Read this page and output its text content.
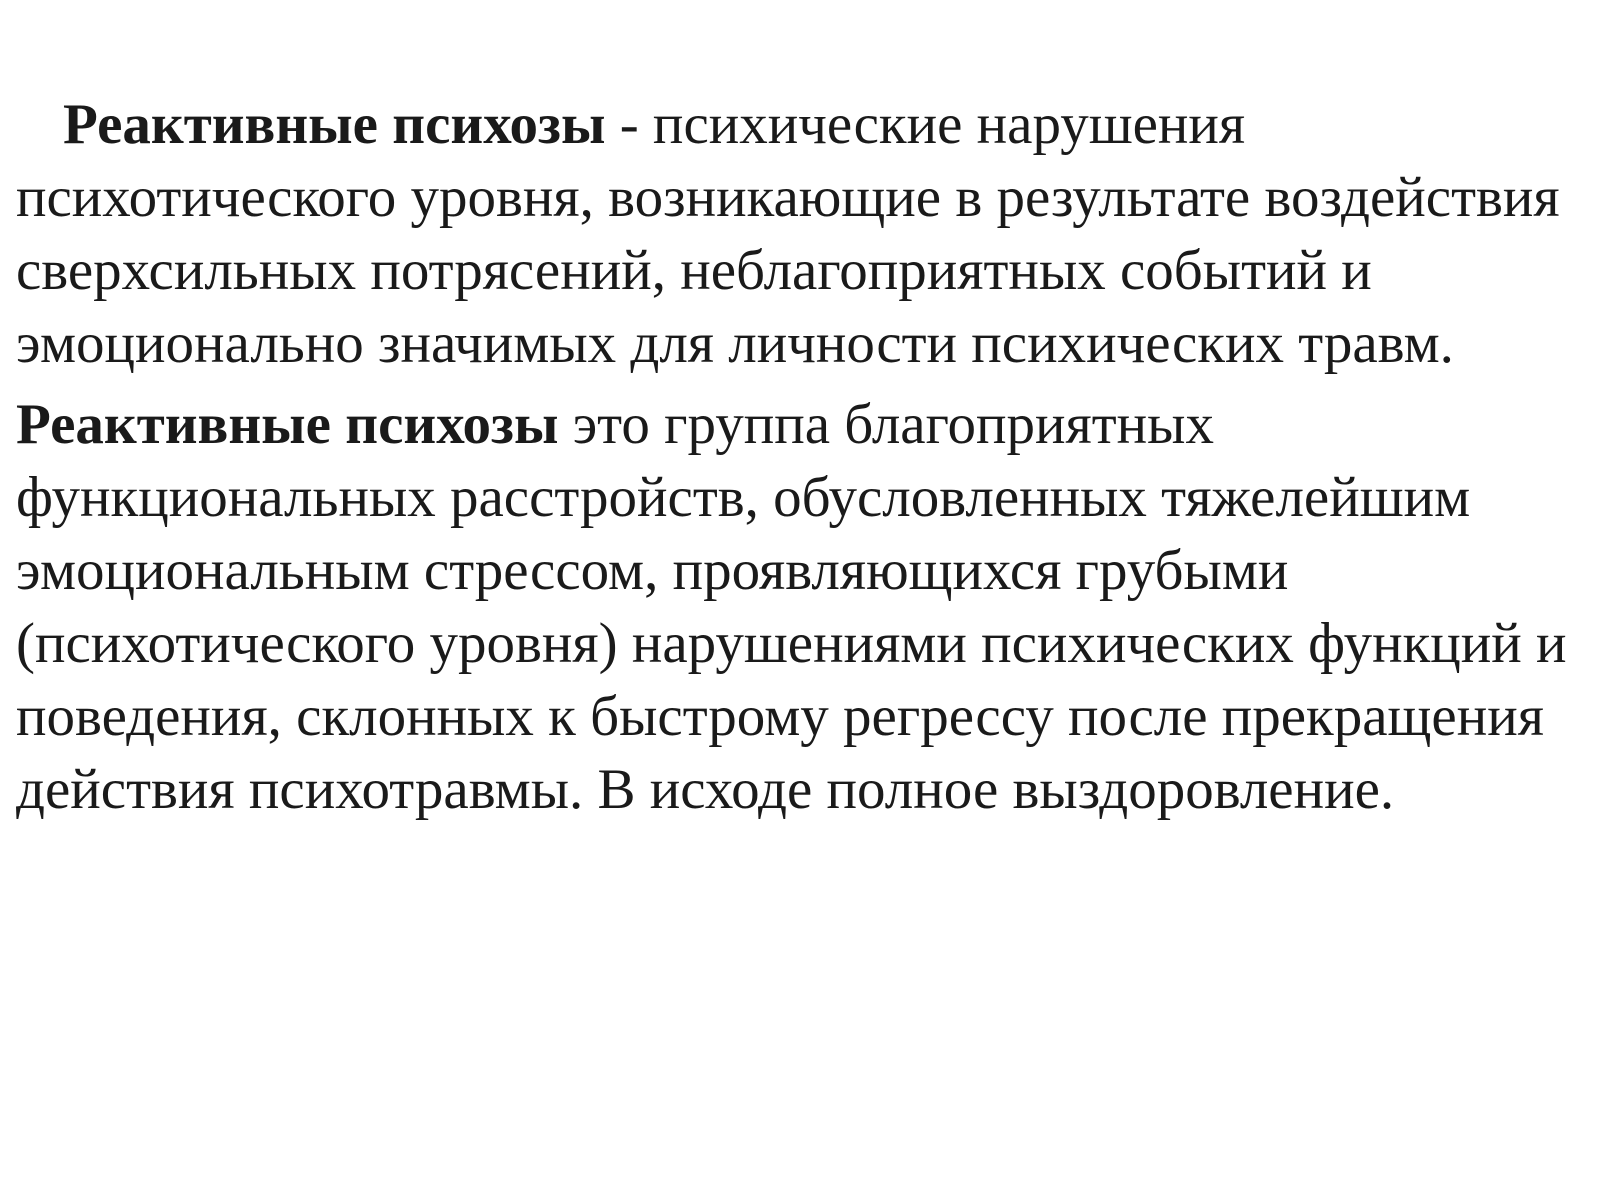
Реактивные психозы - психические нарушения психотического уровня, возникающие в результате воздействия сверхсильных потрясений, неблагоприятных событий и эмоционально значимых для личности психических травм.

Реактивные психозы это группа благоприятных функциональных расстройств, обусловленных тяжелейшим эмоциональным стрессом, проявляющихся грубыми (психотического уровня) нарушениями психических функций и поведения, склонных к быстрому регрессу после прекращения действия психотравмы. В исходе полное выздоровление.
